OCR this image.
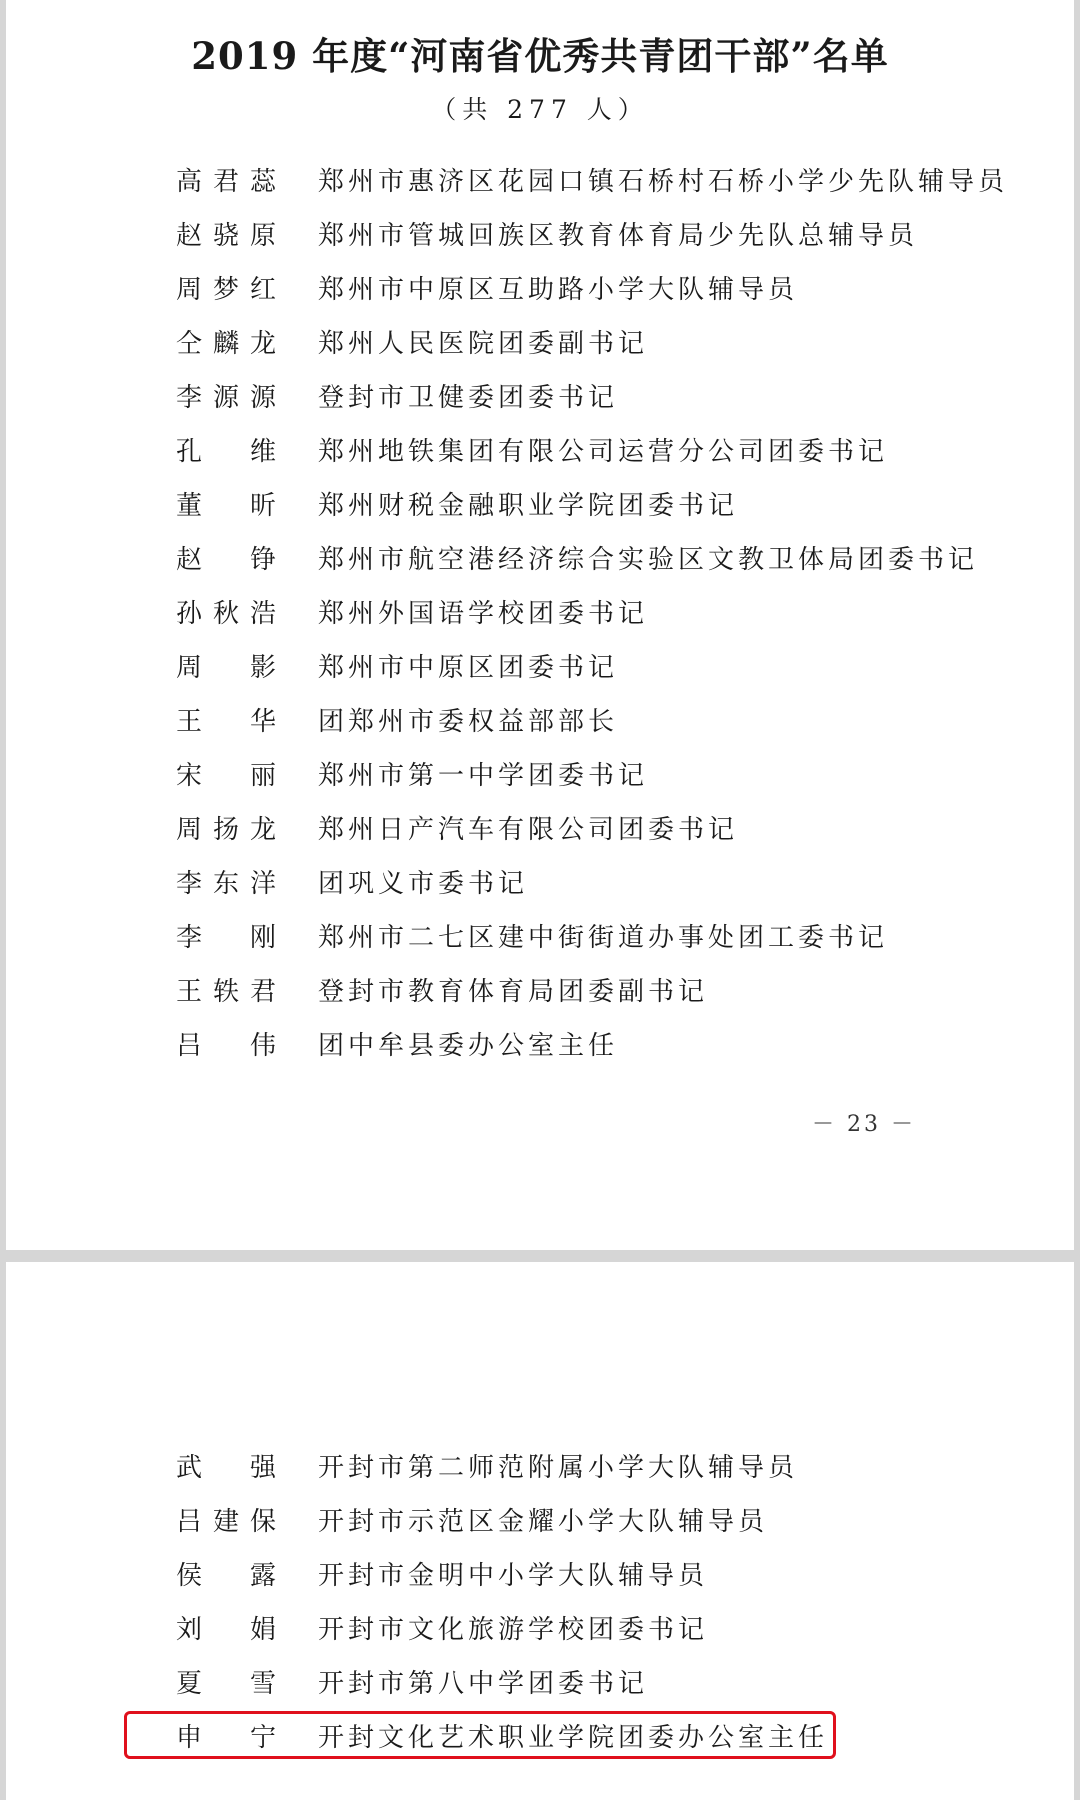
2019 年度“河南省优秀共青团干部”名单
（共 277 人）
高 君 蕊 郑州市惠济区花园口镇石桥村石桥小学少先队辅导员
赵 骁 原 郑州市管城回族区教育体育局少先队总辅导员
周 梦 红 郑州市中原区互助路小学大队辅导员
仝 麟 龙 郑州人民医院团委副书记
李 源 源 登封市卫健委团委书记
孔 维 郑州地铁集团有限公司运营分公司团委书记
董 昕 郑州财税金融职业学院团委书记
赵 铮 郑州市航空港经济综合实验区文教卫体局团委书记
孙 秋 浩 郑州外国语学校团委书记
周 影 郑州市中原区团委书记
王 华 团郑州市委权益部部长
宋 丽 郑州市第一中学团委书记
周 扬 龙 郑州日产汽车有限公司团委书记
李 东 洋 团巩义市委书记
李 刚 郑州市二七区建中街街道办事处团工委书记
王 轶 君 登封市教育体育局团委副书记
吕 伟 团中牟县委办公室主任
－ 23 －
武 强 开封市第二师范附属小学大队辅导员
吕 建 保 开封市示范区金耀小学大队辅导员
侯 露 开封市金明中小学大队辅导员
刘 娟 开封市文化旅游学校团委书记
夏 雪 开封市第八中学团委书记
申 宁 开封文化艺术职业学院团委办公室主任
